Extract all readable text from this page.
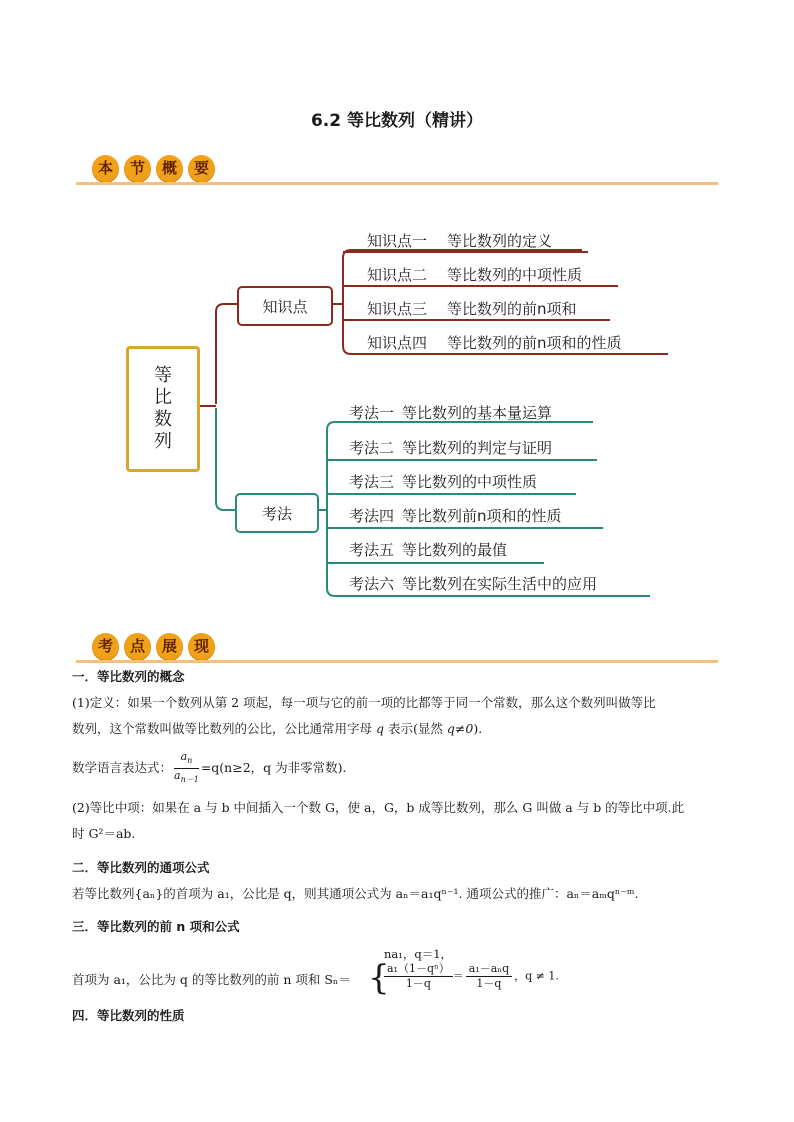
6.2 等比数列（精讲）
本	节	概	要
等
比
数
列
知识点
考法
知识点一 等比数列的定义
知识点二 等比数列的中项性质
知识点三 等比数列的前n项和
知识点四 等比数列的前n项和的性质
考法一 等比数列的基本量运算
考法二 等比数列的判定与证明
考法三 等比数列的中项性质
考法四 等比数列前n项和的性质
考法五 等比数列的最值
考法六 等比数列在实际生活中的应用
考	点	展	现
一．等比数列的概念
(1)定义：如果一个数列从第 2 项起，每一项与它的前一项的比都等于同一个常数，那么这个数列叫做等比
数列，这个常数叫做等比数列的公比，公比通常用字母 q 表示(显然 q≠0).
数学语言表达式： $\frac{a_n}{a_{n-1}} =q(n\ge 2$，q 为非零常数).
(2)等比中项：如果在 a 与 b 中间插入一个数 G，使 a，G，b 成等比数列，那么 G 叫做 a 与 b 的等比中项.此
时 G²＝ab.
二．等比数列的通项公式
若等比数列{aₙ}的首项为 a₁，公比是 q，则其通项公式为 aₙ＝a₁qⁿ⁻¹. 通项公式的推广：aₙ＝aₘqⁿ⁻ᵐ.
三．等比数列的前 n 项和公式
首项为 a₁，公比为 q 的等比数列的前 n 项和 Sₙ＝ {
na₁，q＝1，
$\frac{\text{a₁（1－qⁿ）}}{1-q} = \frac{\text{a₁－aₙq}}{1-q}$ ，q ≠ 1.
四．等比数列的性质
